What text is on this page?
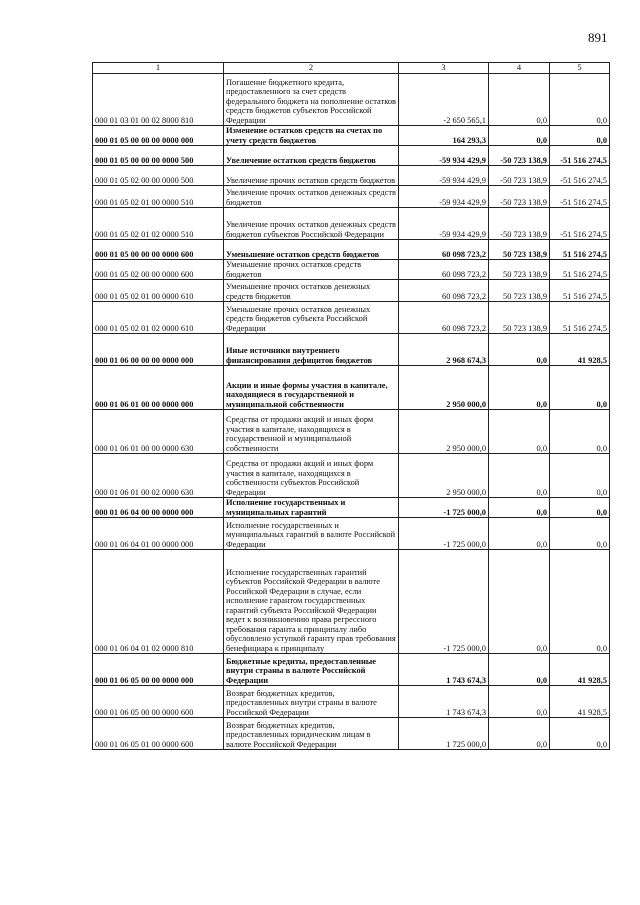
891
1	2	3	4	5
000 01 03 01 00 02 8000 810	Погашение бюджетного кредита, предоставленного за счет средств федерального бюджета на пополнение остатков средств бюджетов субъектов Российской Федерации	-2 650 565,1	0,0	0,0
000 01 05 00 00 00 0000 000	Изменение остатков средств на счетах по учету средств бюджетов	164 293,3	0,0	0,0
000 01 05 00 00 00 0000 500	Увеличение остатков средств бюджетов	-59 934 429,9	-50 723 138,9	-51 516 274,5
000 01 05 02 00 00 0000 500	Увеличение прочих остатков средств бюджетов	-59 934 429,9	-50 723 138,9	-51 516 274,5
000 01 05 02 01 00 0000 510	Увеличение прочих остатков денежных средств бюджетов	-59 934 429,9	-50 723 138,9	-51 516 274,5
000 01 05 02 01 02 0000 510	Увеличение прочих остатков денежных средств бюджетов субъектов Российской Федерации	-59 934 429,9	-50 723 138,9	-51 516 274,5
000 01 05 00 00 00 0000 600	Уменьшение остатков средств бюджетов	60 098 723,2	50 723 138,9	51 516 274,5
000 01 05 02 00 00 0000 600	Уменьшение прочих остатков средств бюджетов	60 098 723,2	50 723 138,9	51 516 274,5
000 01 05 02 01 00 0000 610	Уменьшение прочих остатков денежных средств бюджетов	60 098 723,2	50 723 138,9	51 516 274,5
000 01 05 02 01 02 0000 610	Уменьшение прочих остатков денежных средств бюджетов субъекта Российской Федерации	60 098 723,2	50 723 138,9	51 516 274,5
000 01 06 00 00 00 0000 000	Иные источники внутреннего финансирования дефицитов бюджетов	2 968 674,3	0,0	41 928,5
000 01 06 01 00 00 0000 000	Акции и иные формы участия в капитале, находящиеся в государственной и муниципальной собственности	2 950 000,0	0,0	0,0
000 01 06 01 00 00 0000 630	Средства от продажи акций и иных форм участия в капитале, находящихся в государственной и муниципальной собственности	2 950 000,0	0,0	0,0
000 01 06 01 00 02 0000 630	Средства от продажи акций и иных форм участия в капитале, находящихся в собственности субъектов Российской Федерации	2 950 000,0	0,0	0,0
000 01 06 04 00 00 0000 000	Исполнение государственных и муниципальных гарантий	-1 725 000,0	0,0	0,0
000 01 06 04 01 00 0000 000	Исполнение государственных и муниципальных гарантий в валюте Российской Федерации	-1 725 000,0	0,0	0,0
000 01 06 04 01 02 0000 810	Исполнение государственных гарантий субъектов Российской Федерации в валюте Российской Федерации в случае, если исполнение гарантом государственных гарантий субъекта Российской Федерации ведет к возникновению права регрессного требования гаранта к принципалу либо обусловлено уступкой гаранту прав требования бенефициара к принципалу	-1 725 000,0	0,0	0,0
000 01 06 05 00 00 0000 000	Бюджетные кредиты, предоставленные внутри страны в валюте Российской Федерации	1 743 674,3	0,0	41 928,5
000 01 06 05 00 00 0000 600	Возврат бюджетных кредитов, предоставленных внутри страны в валюте Российской Федерации	1 743 674,3	0,0	41 928,5
000 01 06 05 01 00 0000 600	Возврат бюджетных кредитов, предоставленных юридическим лицам в валюте Российской Федерации	1 725 000,0	0,0	0,0
